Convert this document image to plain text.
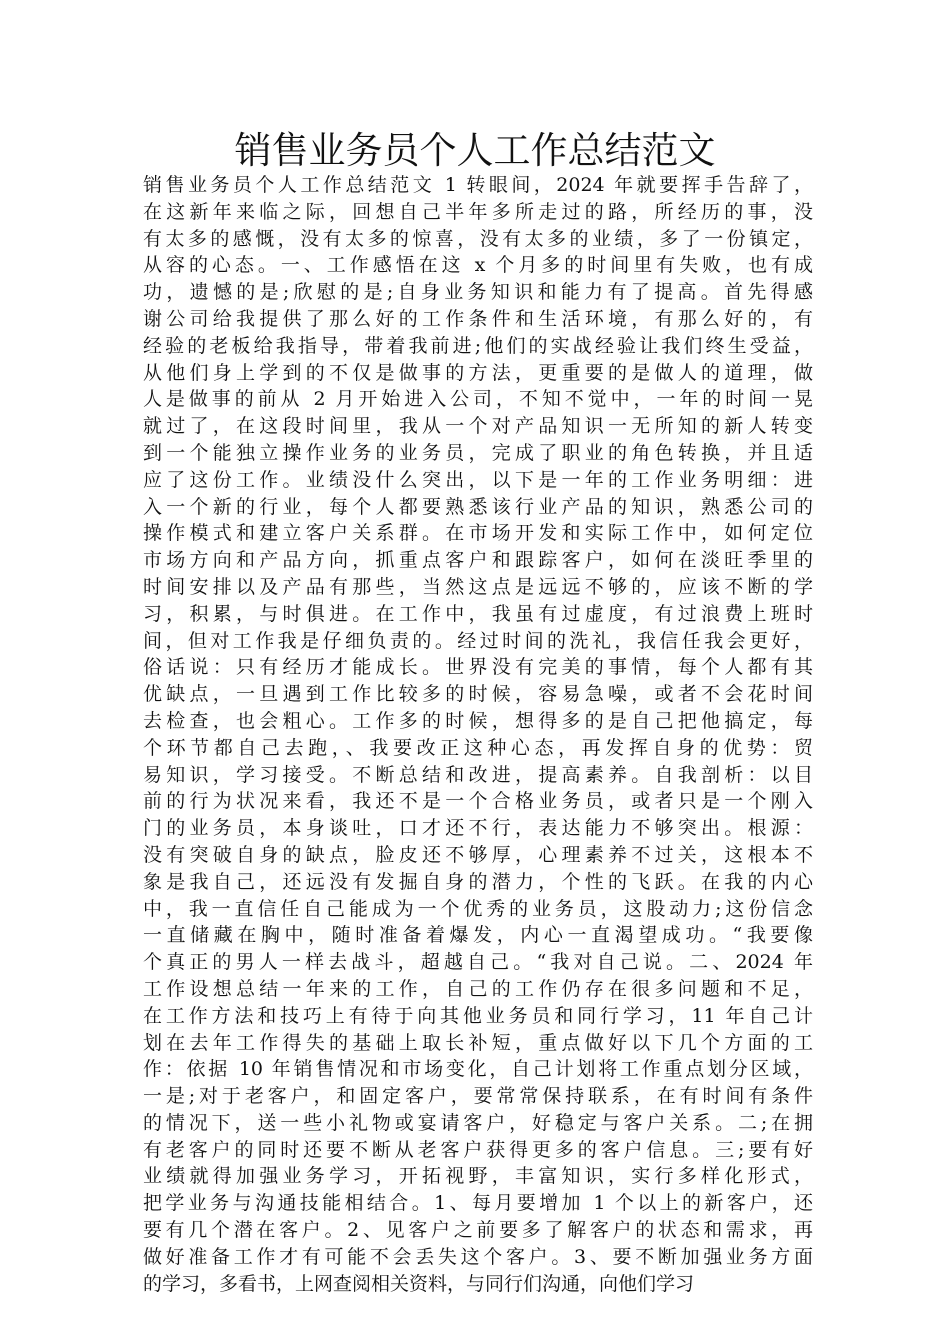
销售业务员个人工作总结范文
销售业务员个人工作总结范文 1 转眼间，2024 年就要挥手告辞了，
在这新年来临之际，回想自己半年多所走过的路，所经历的事，没
有太多的感慨，没有太多的惊喜，没有太多的业绩，多了一份镇定，
从容的心态。一、工作感悟在这 x 个月多的时间里有失败，也有成
功，遗憾的是;欣慰的是;自身业务知识和能力有了提高。首先得感
谢公司给我提供了那么好的工作条件和生活环境，有那么好的，有
经验的老板给我指导，带着我前进;他们的实战经验让我们终生受益，
从他们身上学到的不仅是做事的方法，更重要的是做人的道理，做
人是做事的前从 2 月开始进入公司，不知不觉中，一年的时间一晃
就过了，在这段时间里，我从一个对产品知识一无所知的新人转变
到一个能独立操作业务的业务员，完成了职业的角色转换，并且适
应了这份工作。业绩没什么突出，以下是一年的工作业务明细：进
入一个新的行业，每个人都要熟悉该行业产品的知识，熟悉公司的
操作模式和建立客户关系群。在市场开发和实际工作中，如何定位
市场方向和产品方向，抓重点客户和跟踪客户，如何在淡旺季里的
时间安排以及产品有那些，当然这点是远远不够的，应该不断的学
习，积累，与时俱进。在工作中，我虽有过虚度，有过浪费上班时
间，但对工作我是仔细负责的。经过时间的洗礼，我信任我会更好，
俗话说：只有经历才能成长。世界没有完美的事情，每个人都有其
优缺点，一旦遇到工作比较多的时候，容易急噪，或者不会花时间
去检查，也会粗心。工作多的时候，想得多的是自己把他搞定，每
个环节都自己去跑，、我要改正这种心态，再发挥自身的优势：贸
易知识，学习接受。不断总结和改进，提高素养。自我剖析：以目
前的行为状况来看，我还不是一个合格业务员，或者只是一个刚入
门的业务员，本身谈吐，口才还不行，表达能力不够突出。根源：
没有突破自身的缺点，脸皮还不够厚，心理素养不过关，这根本不
象是我自己，还远没有发掘自身的潜力，个性的飞跃。在我的内心
中，我一直信任自己能成为一个优秀的业务员，这股动力;这份信念
一直储藏在胸中，随时准备着爆发，内心一直渴望成功。“我要像
个真正的男人一样去战斗，超越自己。“我对自己说。二、2024 年
工作设想总结一年来的工作，自己的工作仍存在很多问题和不足，
在工作方法和技巧上有待于向其他业务员和同行学习，11 年自己计
划在去年工作得失的基础上取长补短，重点做好以下几个方面的工
作：依据 10 年销售情况和市场变化，自己计划将工作重点划分区域，
一是;对于老客户，和固定客户，要常常保持联系，在有时间有条件
的情况下，送一些小礼物或宴请客户，好稳定与客户关系。二;在拥
有老客户的同时还要不断从老客户获得更多的客户信息。三;要有好
业绩就得加强业务学习，开拓视野，丰富知识，实行多样化形式，
把学业务与沟通技能相结合。1、每月要增加 1 个以上的新客户，还
要有几个潜在客户。2、见客户之前要多了解客户的状态和需求，再
做好准备工作才有可能不会丢失这个客户。3、要不断加强业务方面
的学习，多看书，上网查阅相关资料，与同行们沟通，向他们学习
